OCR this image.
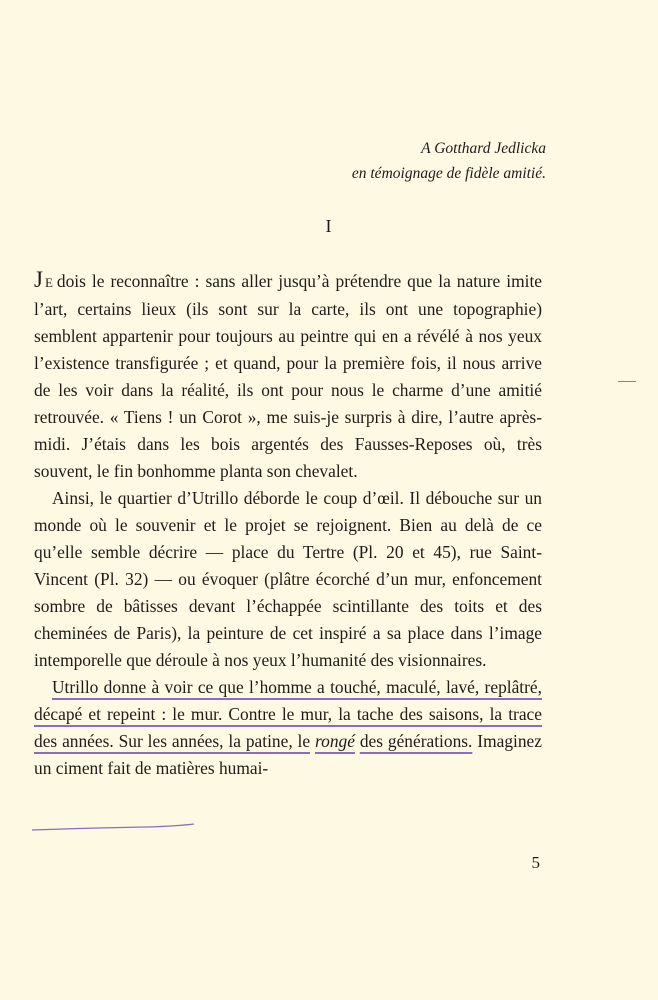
A Gotthard Jedlicka
en témoignage de fidèle amitié.
I

JE dois le reconnaître : sans aller jusqu’à prétendre que la nature imite l’art, certains lieux (ils sont sur la carte, ils ont une topographie) semblent appartenir pour toujours au peintre qui en a révélé à nos yeux l’existence transfigurée ; et quand, pour la première fois, il nous arrive de les voir dans la réalité, ils ont pour nous le charme d’une amitié retrouvée. « Tiens ! un Corot », me suis-je surpris à dire, l’autre après-midi. J’étais dans les bois argentés des Fausses-Reposes où, très souvent, le fin bonhomme planta son chevalet.

Ainsi, le quartier d’Utrillo déborde le coup d’œil. Il débouche sur un monde où le souvenir et le projet se rejoignent. Bien au delà de ce qu’elle semble décrire — place du Tertre (Pl. 20 et 45), rue Saint-Vincent (Pl. 32) — ou évoquer (plâtre écorché d’un mur, enfoncement sombre de bâtisses devant l’échappée scintillante des toits et des cheminées de Paris), la peinture de cet inspiré a sa place dans l’image intemporelle que déroule à nos yeux l’humanité des visionnaires.

Utrillo donne à voir ce que l’homme a touché, maculé, lavé, replâtré, décapé et repeint : le mur. Contre le mur, la tache des saisons, la trace des années. Sur les années, la patine, le rongé des générations. Imaginez un ciment fait de matières humai-

5
